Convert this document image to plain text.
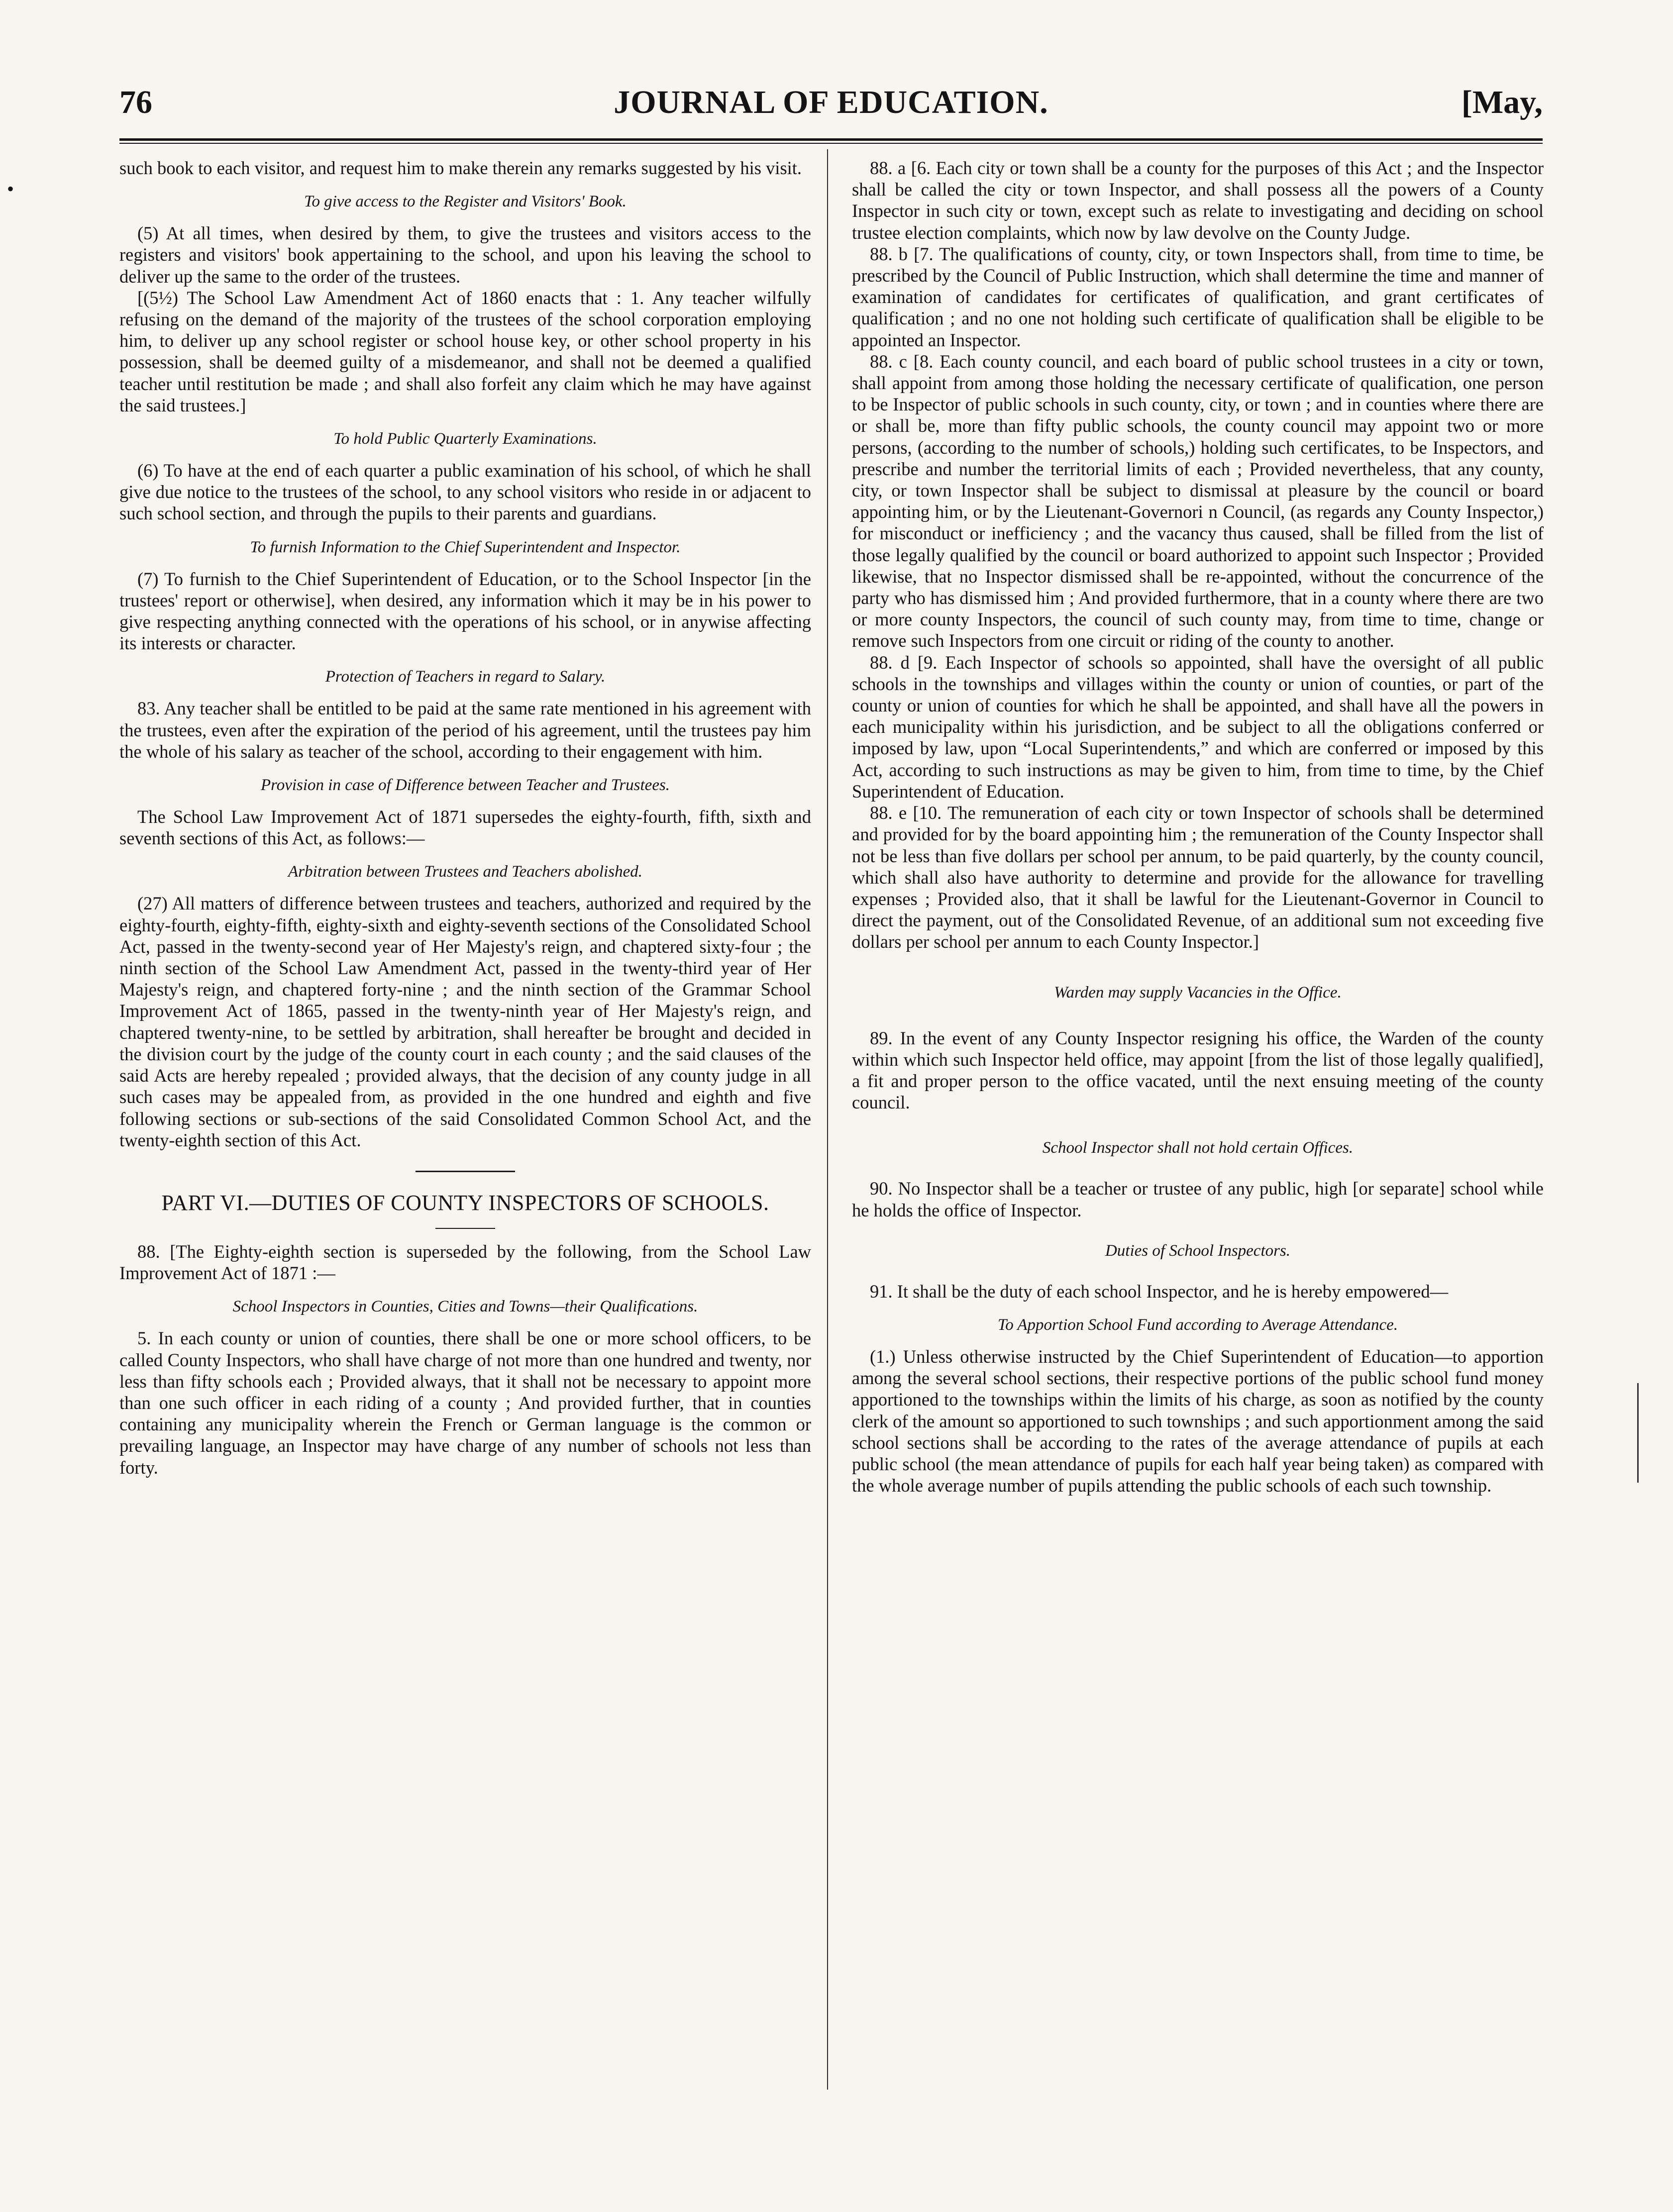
76	JOURNAL OF EDUCATION.	[May,
•

such book to each visitor, and request him to make therein any remarks suggested by his visit.

To give access to the Register and Visitors' Book.

(5) At all times, when desired by them, to give the trustees and visitors access to the registers and visitors' book appertaining to the school, and upon his leaving the school to deliver up the same to the order of the trustees.

[(5½) The School Law Amendment Act of 1860 enacts that : 1. Any teacher wilfully refusing on the demand of the majority of the trustees of the school corporation employing him, to deliver up any school register or school house key, or other school property in his possession, shall be deemed guilty of a misdemeanor, and shall not be deemed a qualified teacher until restitution be made ; and shall also forfeit any claim which he may have against the said trustees.]

To hold Public Quarterly Examinations.

(6) To have at the end of each quarter a public examination of his school, of which he shall give due notice to the trustees of the school, to any school visitors who reside in or adjacent to such school section, and through the pupils to their parents and guardians.

To furnish Information to the Chief Superintendent and Inspector.

(7) To furnish to the Chief Superintendent of Education, or to the School Inspector [in the trustees' report or otherwise], when desired, any information which it may be in his power to give respecting anything connected with the operations of his school, or in anywise affecting its interests or character.

Protection of Teachers in regard to Salary.

83. Any teacher shall be entitled to be paid at the same rate mentioned in his agreement with the trustees, even after the expiration of the period of his agreement, until the trustees pay him the whole of his salary as teacher of the school, according to their engagement with him.

Provision in case of Difference between Teacher and Trustees.

The School Law Improvement Act of 1871 supersedes the eighty-fourth, fifth, sixth and seventh sections of this Act, as follows:—

Arbitration between Trustees and Teachers abolished.

(27) All matters of difference between trustees and teachers, authorized and required by the eighty-fourth, eighty-fifth, eighty-sixth and eighty-seventh sections of the Consolidated School Act, passed in the twenty-second year of Her Majesty's reign, and chaptered sixty-four ; the ninth section of the School Law Amendment Act, passed in the twenty-third year of Her Majesty's reign, and chaptered forty-nine ; and the ninth section of the Grammar School Improvement Act of 1865, passed in the twenty-ninth year of Her Majesty's reign, and chaptered twenty-nine, to be settled by arbitration, shall hereafter be brought and decided in the division court by the judge of the county court in each county ; and the said clauses of the said Acts are hereby repealed ; provided always, that the decision of any county judge in all such cases may be appealed from, as provided in the one hundred and eighth and five following sections or sub-sections of the said Consolidated Common School Act, and the twenty-eighth section of this Act.

PART VI.—DUTIES OF COUNTY INSPECTORS OF SCHOOLS.

88. [The Eighty-eighth section is superseded by the following, from the School Law Improvement Act of 1871 :—

School Inspectors in Counties, Cities and Towns—their Qualifications.

5. In each county or union of counties, there shall be one or more school officers, to be called County Inspectors, who shall have charge of not more than one hundred and twenty, nor less than fifty schools each ; Provided always, that it shall not be necessary to appoint more than one such officer in each riding of a county ; And provided further, that in counties containing any municipality wherein the French or German language is the common or prevailing language, an Inspector may have charge of any number of schools not less than forty.

88. a [6. Each city or town shall be a county for the purposes of this Act ; and the Inspector shall be called the city or town Inspector, and shall possess all the powers of a County Inspector in such city or town, except such as relate to investigating and deciding on school trustee election complaints, which now by law devolve on the County Judge.

88. b [7. The qualifications of county, city, or town Inspectors shall, from time to time, be prescribed by the Council of Public Instruction, which shall determine the time and manner of examination of candidates for certificates of qualification, and grant certificates of qualification ; and no one not holding such certificate of qualification shall be eligible to be appointed an Inspector.

88. c [8. Each county council, and each board of public school trustees in a city or town, shall appoint from among those holding the necessary certificate of qualification, one person to be Inspector of public schools in such county, city, or town ; and in counties where there are or shall be, more than fifty public schools, the county council may appoint two or more persons, (according to the number of schools,) holding such certificates, to be Inspectors, and prescribe and number the territorial limits of each ; Provided nevertheless, that any county, city, or town Inspector shall be subject to dismissal at pleasure by the council or board appointing him, or by the Lieutenant-Governori n Council, (as regards any County Inspector,) for misconduct or inefficiency ; and the vacancy thus caused, shall be filled from the list of those legally qualified by the council or board authorized to appoint such Inspector ; Provided likewise, that no Inspector dismissed shall be re-appointed, without the concurrence of the party who has dismissed him ; And provided furthermore, that in a county where there are two or more county Inspectors, the council of such county may, from time to time, change or remove such Inspectors from one circuit or riding of the county to another.

88. d [9. Each Inspector of schools so appointed, shall have the oversight of all public schools in the townships and villages within the county or union of counties, or part of the county or union of counties for which he shall be appointed, and shall have all the powers in each municipality within his jurisdiction, and be subject to all the obligations conferred or imposed by law, upon “Local Superintendents,” and which are conferred or imposed by this Act, according to such instructions as may be given to him, from time to time, by the Chief Superintendent of Education.

88. e [10. The remuneration of each city or town Inspector of schools shall be determined and provided for by the board appointing him ; the remuneration of the County Inspector shall not be less than five dollars per school per annum, to be paid quarterly, by the county council, which shall also have authority to determine and provide for the allowance for travelling expenses ; Provided also, that it shall be lawful for the Lieutenant-Governor in Council to direct the payment, out of the Consolidated Revenue, of an additional sum not exceeding five dollars per school per annum to each County Inspector.]

Warden may supply Vacancies in the Office.

89. In the event of any County Inspector resigning his office, the Warden of the county within which such Inspector held office, may appoint [from the list of those legally qualified], a fit and proper person to the office vacated, until the next ensuing meeting of the county council.

School Inspector shall not hold certain Offices.

90. No Inspector shall be a teacher or trustee of any public, high [or separate] school while he holds the office of Inspector.

Duties of School Inspectors.

91. It shall be the duty of each school Inspector, and he is hereby empowered—

To Apportion School Fund according to Average Attendance.

(1.) Unless otherwise instructed by the Chief Superintendent of Education—to apportion among the several school sections, their respective portions of the public school fund money apportioned to the townships within the limits of his charge, as soon as notified by the county clerk of the amount so apportioned to such townships ; and such apportionment among the said school sections shall be according to the rates of the average attendance of pupils at each public school (the mean attendance of pupils for each half year being taken) as compared with the whole average number of pupils attending the public schools of each such township.
